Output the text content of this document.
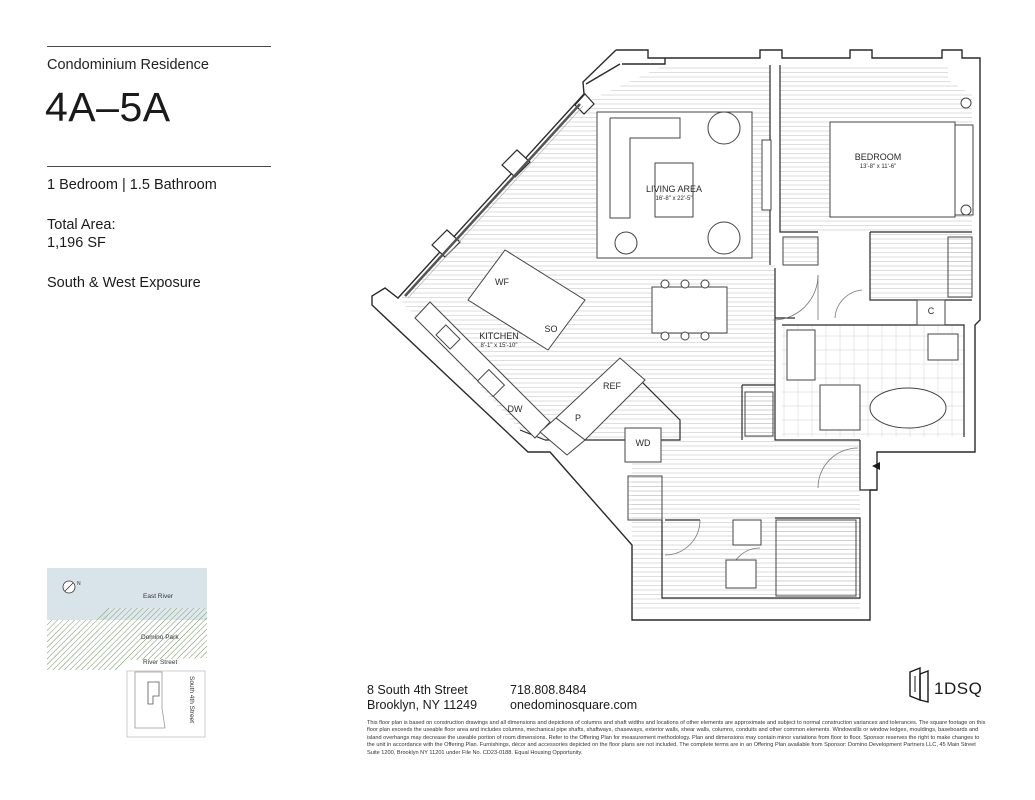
Condominium Residence
4A–5A
1 Bedroom | 1.5 Bathroom
Total Area:
1,196 SF
South & West Exposure
LIVING AREA
16'-8" x 22'-5"
BEDROOM
13'-8" x 11'-6"
KITCHEN
8'-1" x 15'-10"
WF
SO
DW
REF
P
WD
C
N
East River
Domino Park
River Street
South 4th Street	8 South 4th Street
Brooklyn, NY 11249
718.808.8484
onedominosquare.com
1DSQ
This floor plan is based on construction drawings and all dimensions and depictions of columns and shaft widths and locations of other elements are approximate and subject to normal construction variances and tolerances. The square footage on this floor plan exceeds the useable floor area and includes columns, mechanical pipe shafts, shaftways, chaseways, exterior walls, shear walls, columns, conduits and other common elements. Windowsills or window ledges, mouldings, baseboards and island overhangs may decrease the useable portion of room dimensions. Refer to the Offering Plan for measurement methodology. Plan and dimensions may contain minor variations from floor to floor. Sponsor reserves the right to make changes to the unit in accordance with the Offering Plan. Furnishings, décor and accessories depicted on the floor plans are not included. The complete terms are in an Offering Plan available from Sponsor: Domino Development Partners LLC, 45 Main Street Suite 1200, Brooklyn NY 11201 under File No. CD23-0188. Equal Housing Opportunity.
